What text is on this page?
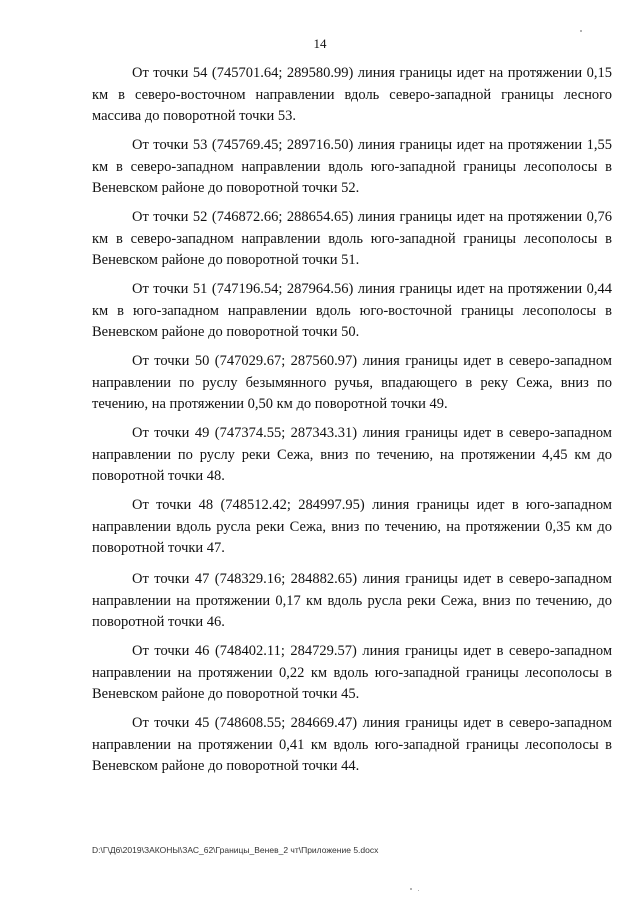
14

От точки 54 (745701.64; 289580.99) линия границы идет на протяжении 0,15 км в северо-восточном направлении вдоль северо-западной границы лесного массива до поворотной точки 53.

От точки 53 (745769.45; 289716.50) линия границы идет на протяжении 1,55 км в северо-западном направлении вдоль юго-западной границы лесополосы в Веневском районе до поворотной точки 52.

От точки 52 (746872.66; 288654.65) линия границы идет на протяжении 0,76 км в северо-западном направлении вдоль юго-западной границы лесополосы в Веневском районе до поворотной точки 51.

От точки 51 (747196.54; 287964.56) линия границы идет на протяжении 0,44 км в юго-западном направлении вдоль юго-восточной границы лесополосы в Веневском районе до поворотной точки 50.

От точки 50 (747029.67; 287560.97) линия границы идет в северо-западном направлении по руслу безымянного ручья, впадающего в реку Сежа, вниз по течению, на протяжении 0,50 км до поворотной точки 49.

От точки 49 (747374.55; 287343.31) линия границы идет в северо-западном направлении по руслу реки Сежа, вниз по течению, на протяжении 4,45 км до поворотной точки 48.

От точки 48 (748512.42; 284997.95) линия границы идет в юго-западном направлении вдоль русла реки Сежа, вниз по течению, на протяжении 0,35 км до поворотной точки 47.

От точки 47 (748329.16; 284882.65) линия границы идет в северо-западном направлении на протяжении 0,17 км вдоль русла реки Сежа, вниз по течению, до поворотной точки 46.

От точки 46 (748402.11; 284729.57) линия границы идет в северо-западном направлении на протяжении 0,22 км вдоль юго-западной границы лесополосы в Веневском районе до поворотной точки 45.

От точки 45 (748608.55; 284669.47) линия границы идет в северо-западном направлении на протяжении 0,41 км вдоль юго-западной границы лесополосы в Веневском районе до поворотной точки 44.

D:\Г\Д6\2019\ЗАКОНЫ\ЗАС_62\Границы_Венев_2 чт\Приложение 5.docx
